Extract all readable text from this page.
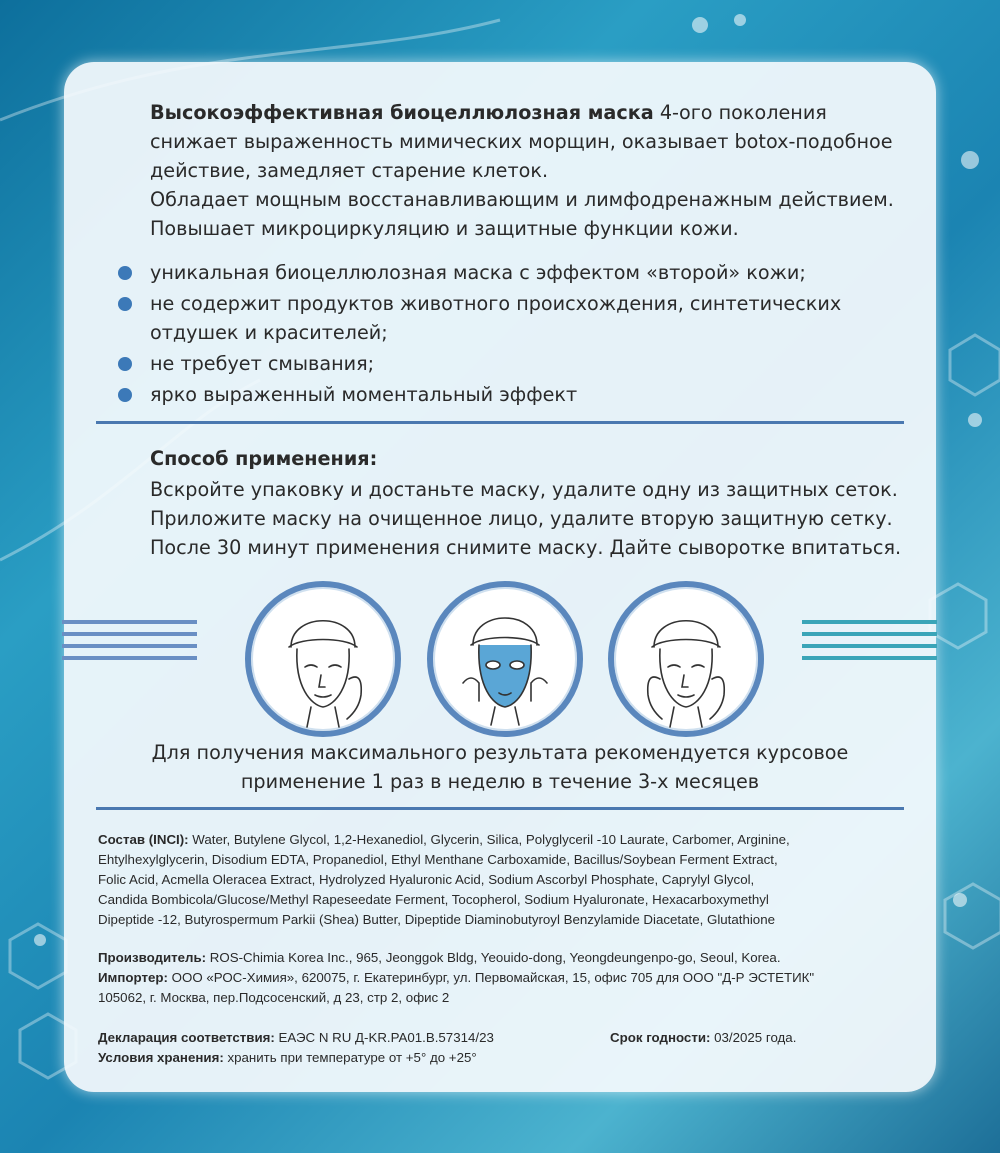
Высокоэффективная биоцеллюлозная маска 4-ого поколения
снижает выраженность мимических морщин, оказывает botox-подобное
действие, замедляет старение клеток.
Обладает мощным восстанавливающим и лимфодренажным действием.
Повышает микроциркуляцию и защитные функции кожи.
уникальная биоцеллюлозная маска с эффектом «второй» кожи;
не содержит продуктов животного происхождения, синтетических отдушек и красителей;
не требует смывания;
ярко выраженный моментальный эффект
Способ применения:
Вскройте упаковку и достаньте маску, удалите одну из защитных сеток.
Приложите маску на очищенное лицо, удалите вторую защитную сетку.
После 30 минут применения снимите маску. Дайте сыворотке впитаться.
Для получения максимального результата рекомендуется курсовое
применение 1 раз в неделю в течение 3-х месяцев
Состав (INCI): Water, Butylene Glycol, 1,2-Hexanediol, Glycerin, Silica, Polyglyceril -10 Laurate, Carbomer, Arginine,
Ehtylhexylglycerin, Disodium EDTA, Propanediol, Ethyl Menthane Carboxamide, Bacillus/Soybean Ferment Extract,
Folic Acid, Acmella Oleracea Extract, Hydrolyzed Hyaluronic Acid, Sodium Ascorbyl Phosphate, Caprylyl Glycol,
Candida Bombicola/Glucose/Methyl Rapeseedate Ferment, Tocopherol, Sodium Hyaluronate, Hexacarboxymethyl
Dipeptide -12, Butyrospermum Parkii (Shea) Butter, Dipeptide Diaminobutyroyl Benzylamide Diacetate, Glutathione
Производитель: ROS-Chimia Korea Inc., 965, Jeonggok Bldg, Yeouido-dong, Yeongdeungenpo-go, Seoul, Korea.
Импортер: ООО «РОС-Химия», 620075, г. Екатеринбург, ул. Первомайская, 15, офис 705 для ООО "Д-Р ЭСТЕТИК"
105062, г. Москва, пер.Подсосенский, д 23, стр 2, офис 2
Декларация соответствия: ЕАЭС N RU Д-KR.PA01.B.57314/23
Условия хранения: хранить при температуре от +5° до +25°
Срок годности: 03/2025 года.
